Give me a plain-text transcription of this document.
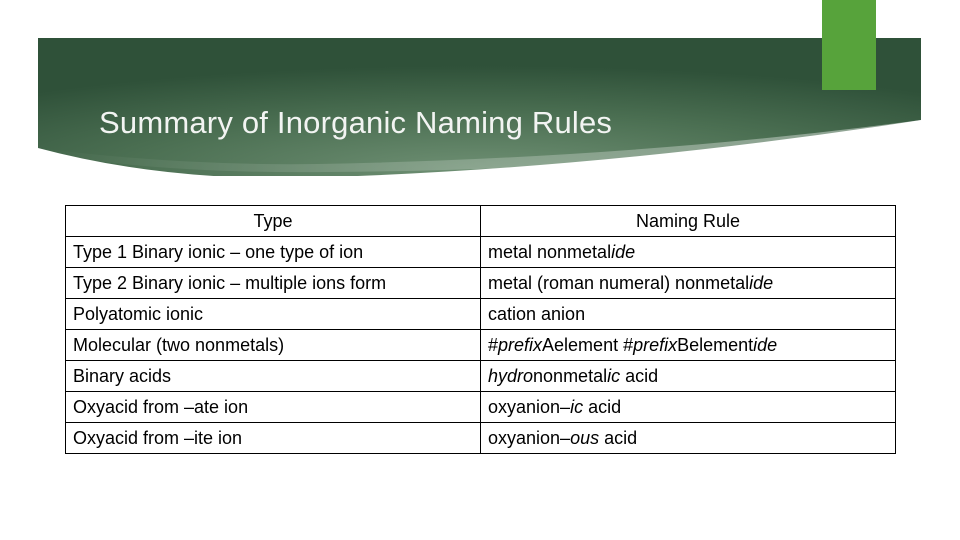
Summary of Inorganic Naming Rules
Type	Naming Rule
Type 1 Binary ionic – one type of ion	metal nonmetalide
Type 2 Binary ionic – multiple ions form	metal (roman numeral) nonmetalide
Polyatomic ionic	cation anion
Molecular (two nonmetals)	#prefixAelement #prefixBelementide
Binary acids	hydrononmetalic acid
Oxyacid from –ate ion	oxyanion–ic acid
Oxyacid from –ite ion	oxyanion–ous acid
